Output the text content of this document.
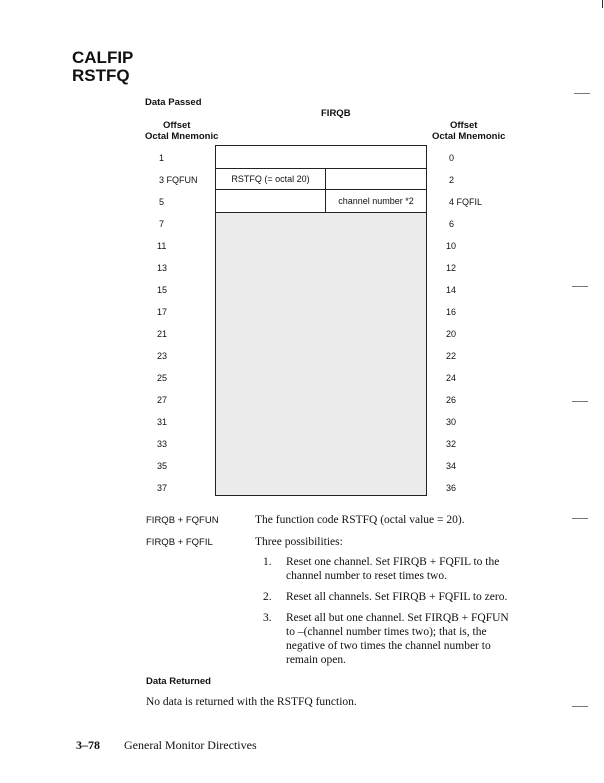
CALFIP
RSTFQ
Data Passed
FIRQB
Offset
Octal Mnemonic
Offset
Octal Mnemonic
RSTFQ (= octal 20)
channel number *2
1
3 FQFUN
5
7
11
13
15
17
21
23
25
27
31
33
35
37
0
2
4 FQFIL
6
10
12
14
16
20
22
24
26
30
32
34
36
FIRQB + FQFUN	The function code RSTFQ (octal value = 20).
FIRQB + FQFIL	Three possibilities:
1. Reset one channel. Set FIRQB + FQFIL to the
channel number to reset times two.
2. Reset all channels. Set FIRQB + FQFIL to zero.
3. Reset all but one channel. Set FIRQB + FQFUN
to –(channel number times two); that is, the
negative of two times the channel number to
remain open.
Data Returned
No data is returned with the RSTFQ function.
3–78 General Monitor Directives
